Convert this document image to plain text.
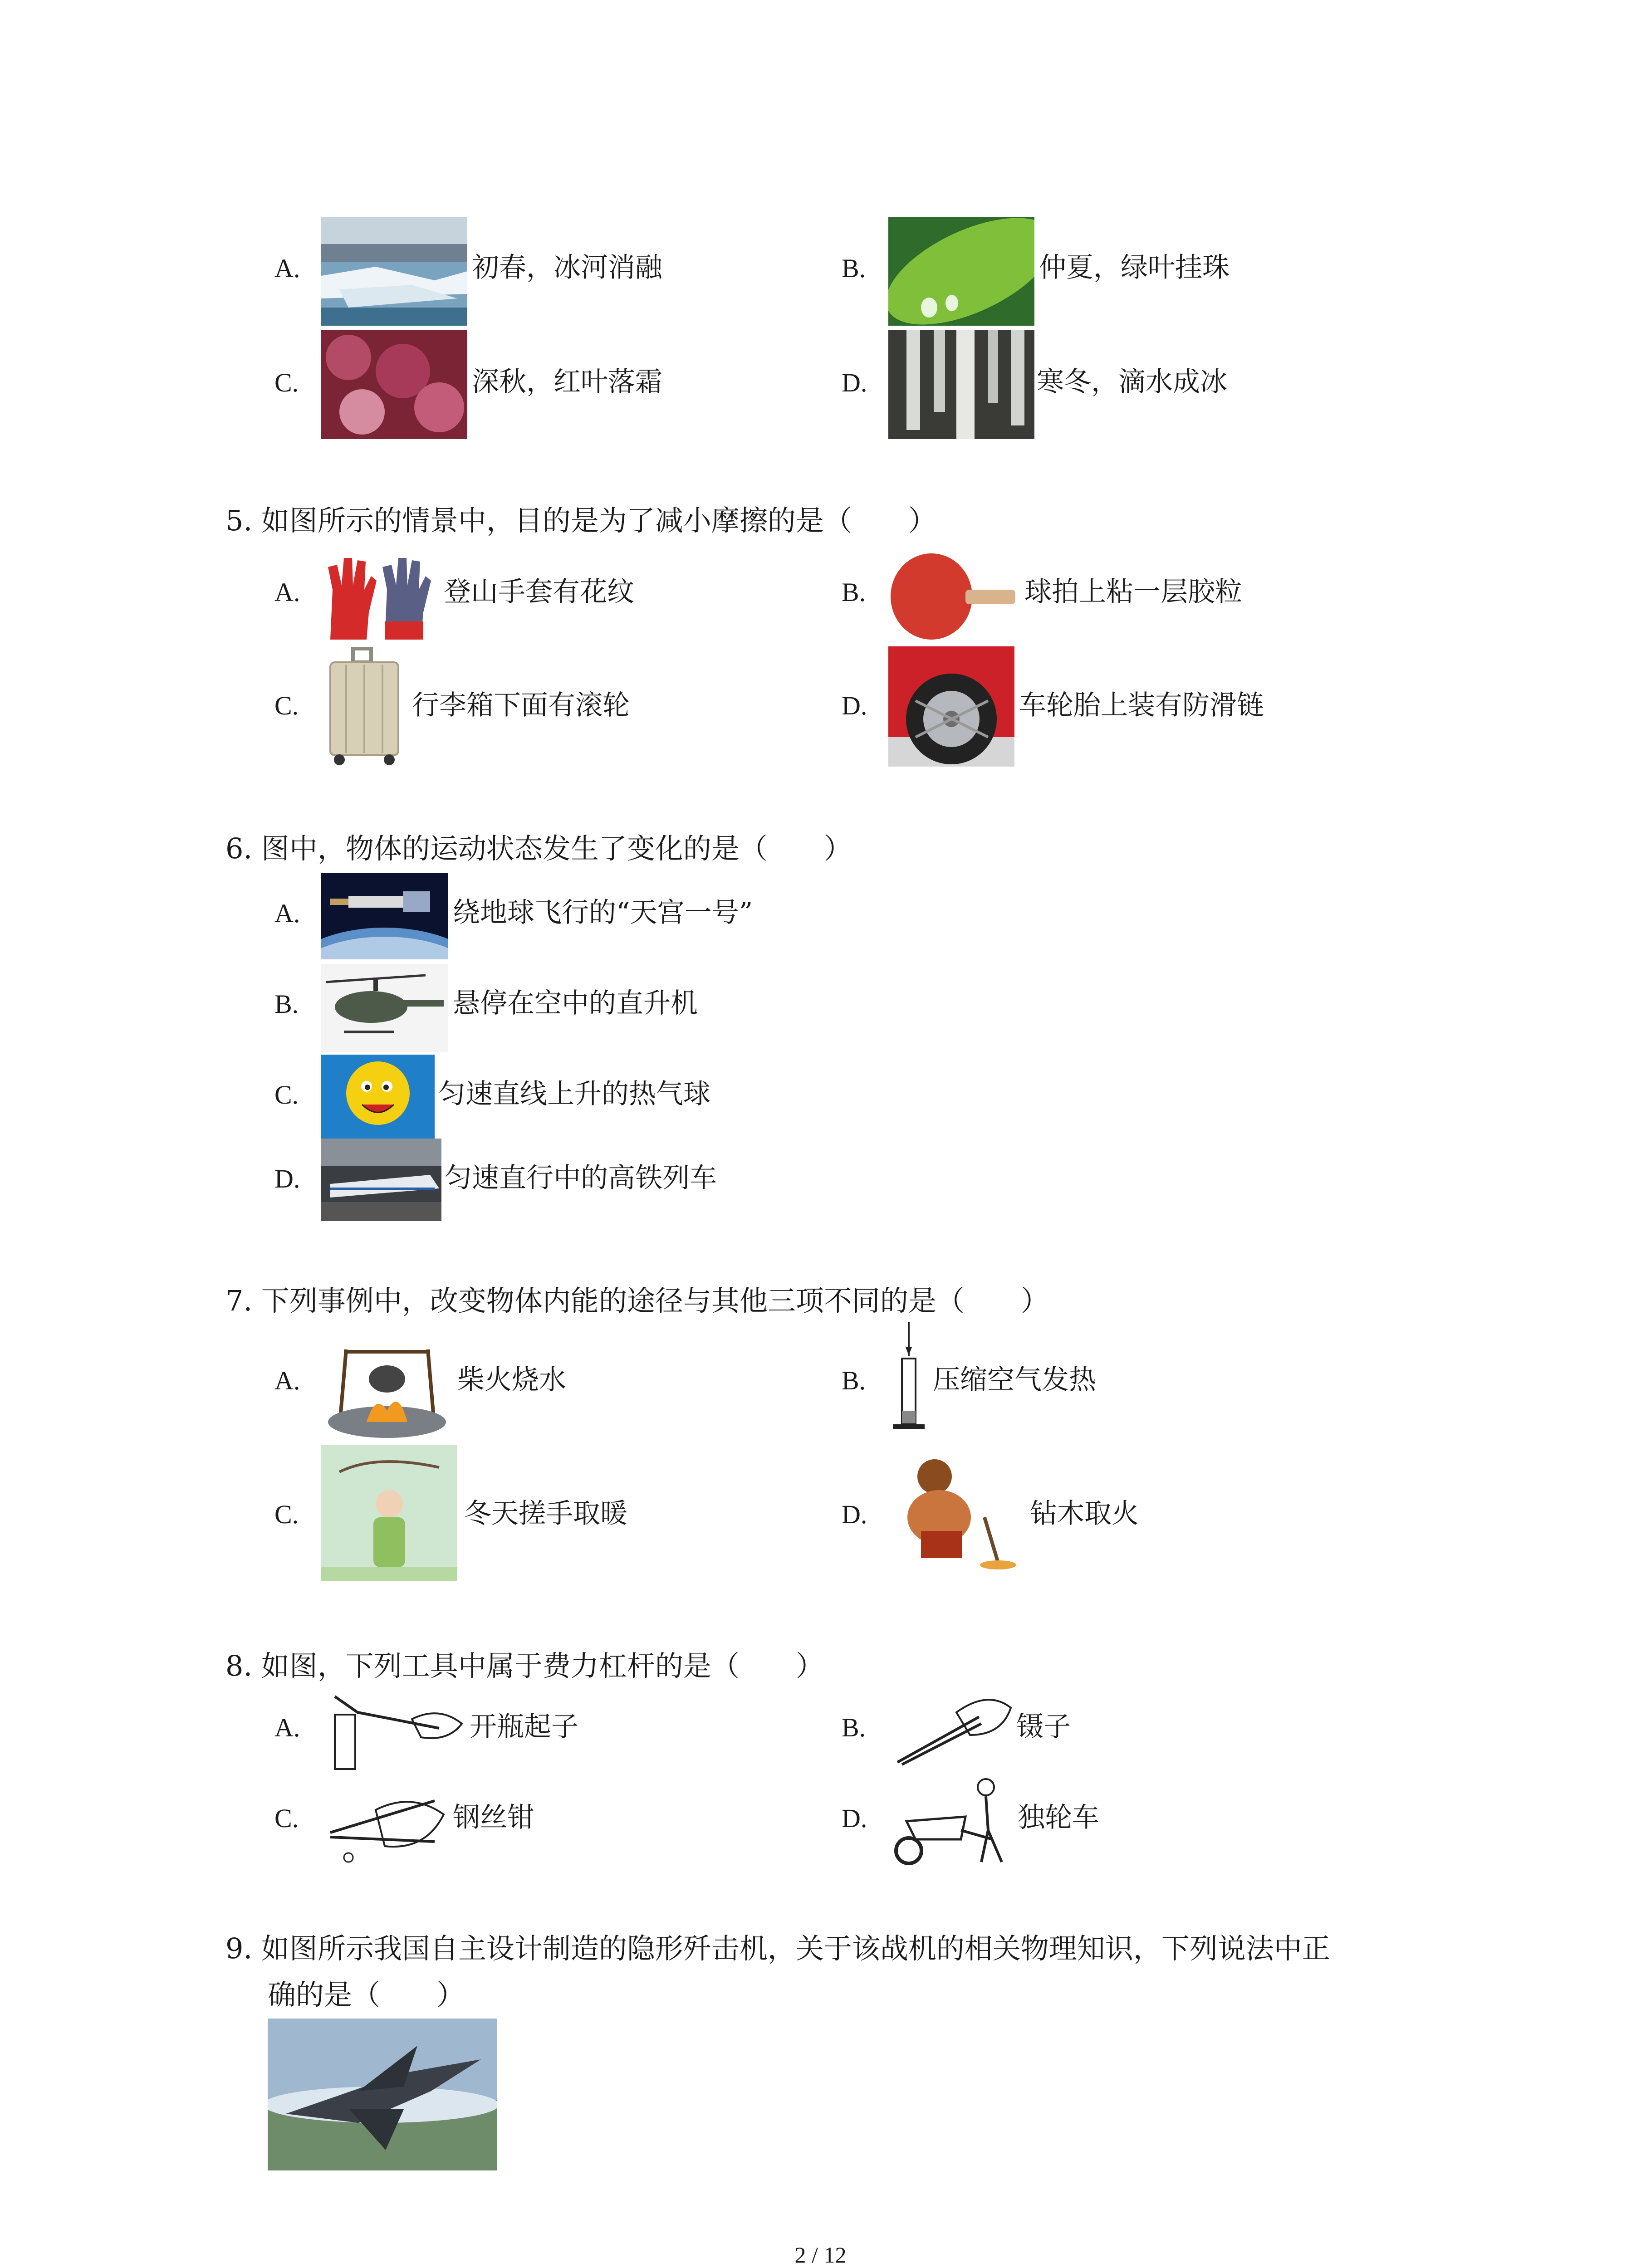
A.	初春，冰河消融	B.	仲夏，绿叶挂珠
C.	深秋，红叶落霜	D.	寒冬，滴水成冰
5. 如图所示的情景中，目的是为了减小摩擦的是（　　）
A.	登山手套有花纹	B.	球拍上粘一层胶粒
C.	行李箱下面有滚轮	D.	车轮胎上装有防滑链
6. 图中，物体的运动状态发生了变化的是（　　）
A.	绕地球飞行的“天宫一号”
B.	悬停在空中的直升机
C.	匀速直线上升的热气球
D.	匀速直行中的高铁列车
7. 下列事例中，改变物体内能的途径与其他三项不同的是（　　）
A.	柴火烧水	B. 压缩空气发热
C.	冬天搓手取暖	D.	钻木取火
8. 如图，下列工具中属于费力杠杆的是（　　）
A.	开瓶起子	B.	镊子
C.	钢丝钳	D.	独轮车
9. 如图所示我国自主设计制造的隐形歼击机，关于该战机的相关物理知识，下列说法中正
确的是（　　）
2 / 12
